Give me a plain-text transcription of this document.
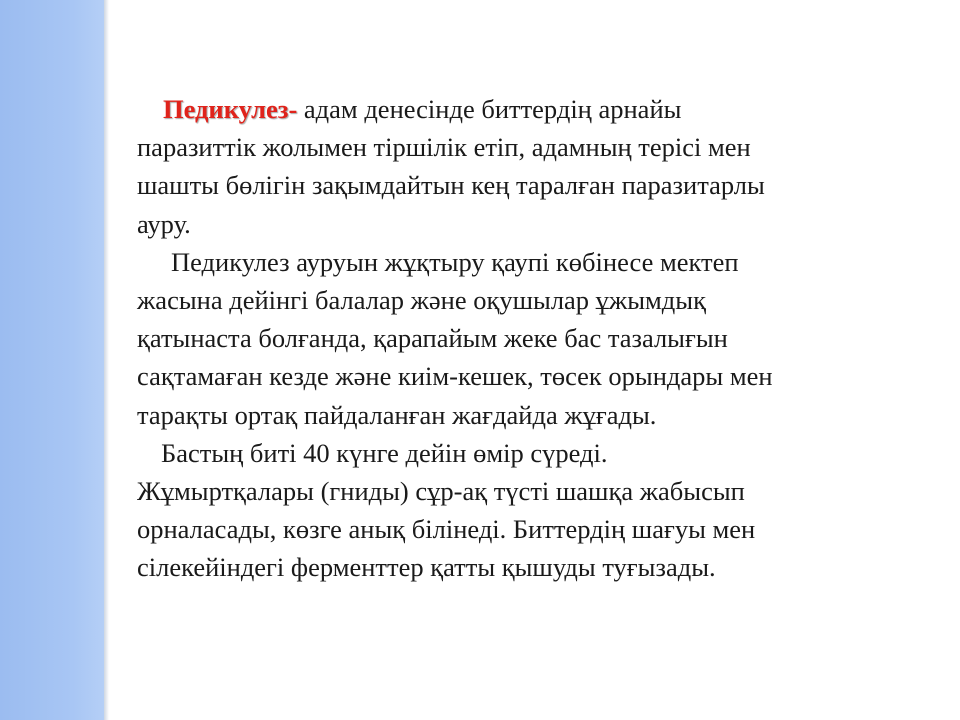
Педикулез- адам денесінде биттердің арнайы

паразиттік жолымен тіршілік етіп, адамның терісі мен

шашты бөлігін зақымдайтын кең таралған паразитарлы

ауру.

Педикулез ауруын жұқтыру қаупі көбінесе мектеп

жасына дейінгі балалар және оқушылар ұжымдық

қатынаста болғанда, қарапайым жеке бас тазалығын

сақтамаған кезде және киім-кешек, төсек орындары мен

тарақты ортақ пайдаланған жағдайда жұғады.

Бастың биті 40 күнге дейін өмір сүреді.

Жұмыртқалары (гниды) сұр-ақ түсті шашқа жабысып

орналасады, көзге анық білінеді. Биттердің шағуы мен

сілекейіндегі ферменттер қатты қышуды туғызады.
